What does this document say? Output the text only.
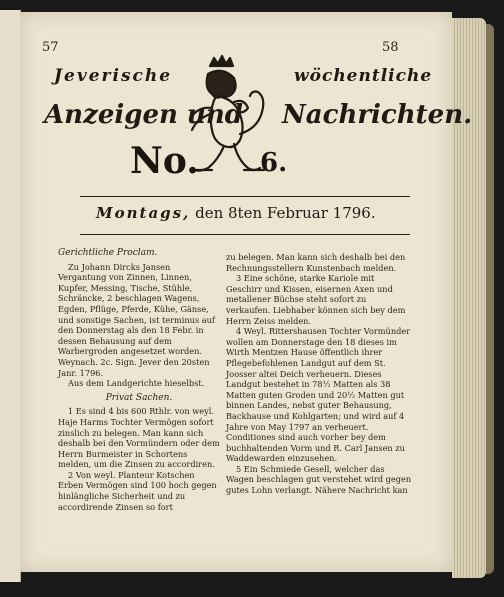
57	58
Jeverische	wöchentliche
Anzeigen und Nachrichten.
No. 6.
Montags, den 8ten Februar 1796.

Gerichtliche Proclam.

Zu Johann Dircks Jansen Vergantung von Zinnen, Linnen, Kupfer, Messing, Tische, Stühle, Schräncke, 2 beschlagen Wagens, Egden, Pflüge, Pferde, Kühe, Gänse, und sonstige Sachen, ist terminus auf den Donnerstag als den 18 Febr. in dessen Behausung auf dem Warbergroden angesetzet worden. Weynach. 2c. Sign. Jever den 20sten Janr. 1796.

Aus dem Landgerichte hieselbst.

Privat Sachen.

1 Es sind 4 bis 600 Rthlr. von weyl. Haje Harms Tochter Vermögen sofort zinslich zu belegen. Man kann sich deshalb bei den Vormündern oder dem Herrn Burmeister in Schortens melden, um die Zinsen zu accordiren.

2 Von weyl. Planteur Kotschen Erben Vermögen sind 100 hoch gegen hinlängliche Sicherheit und zu accordirende Zinsen so fort

zu belegen. Man kann sich deshalb bei den Rechnungsstellern Kunstenbach melden.

3 Eine schöne, starke Kariole mit Geschirr und Kissen, eisernen Axen und metallener Büchse steht sofort zu verkaufen. Liebhaber können sich bey dem Herrn Zeiss melden.

4 Weyl. Rittershausen Tochter Vormünder wollen am Donnerstage den 18 dieses im Wirth Mentzen Hause öffentlich ihrer Pflegebefohlenen Landgut auf dem St. Joosser altei Deich verheuern. Dieses Landgut bestehet in 78½ Matten als 38 Matten guten Groden und 20½ Matten gut binnen Landes, nebst guter Behausung, Backhause und Kohlgarten; und wird auf 4 Jahre von May 1797 an verheuert. Conditiones sind auch vorher bey dem buchhaltenden Vorm und R. Carl Jansen zu Waddewarden einzusehen.

5 Ein Schmiede Gesell, welcher das Wagen beschlagen gut verstehet wird gegen gutes Lohn verlangt. Nähere Nachricht kan
